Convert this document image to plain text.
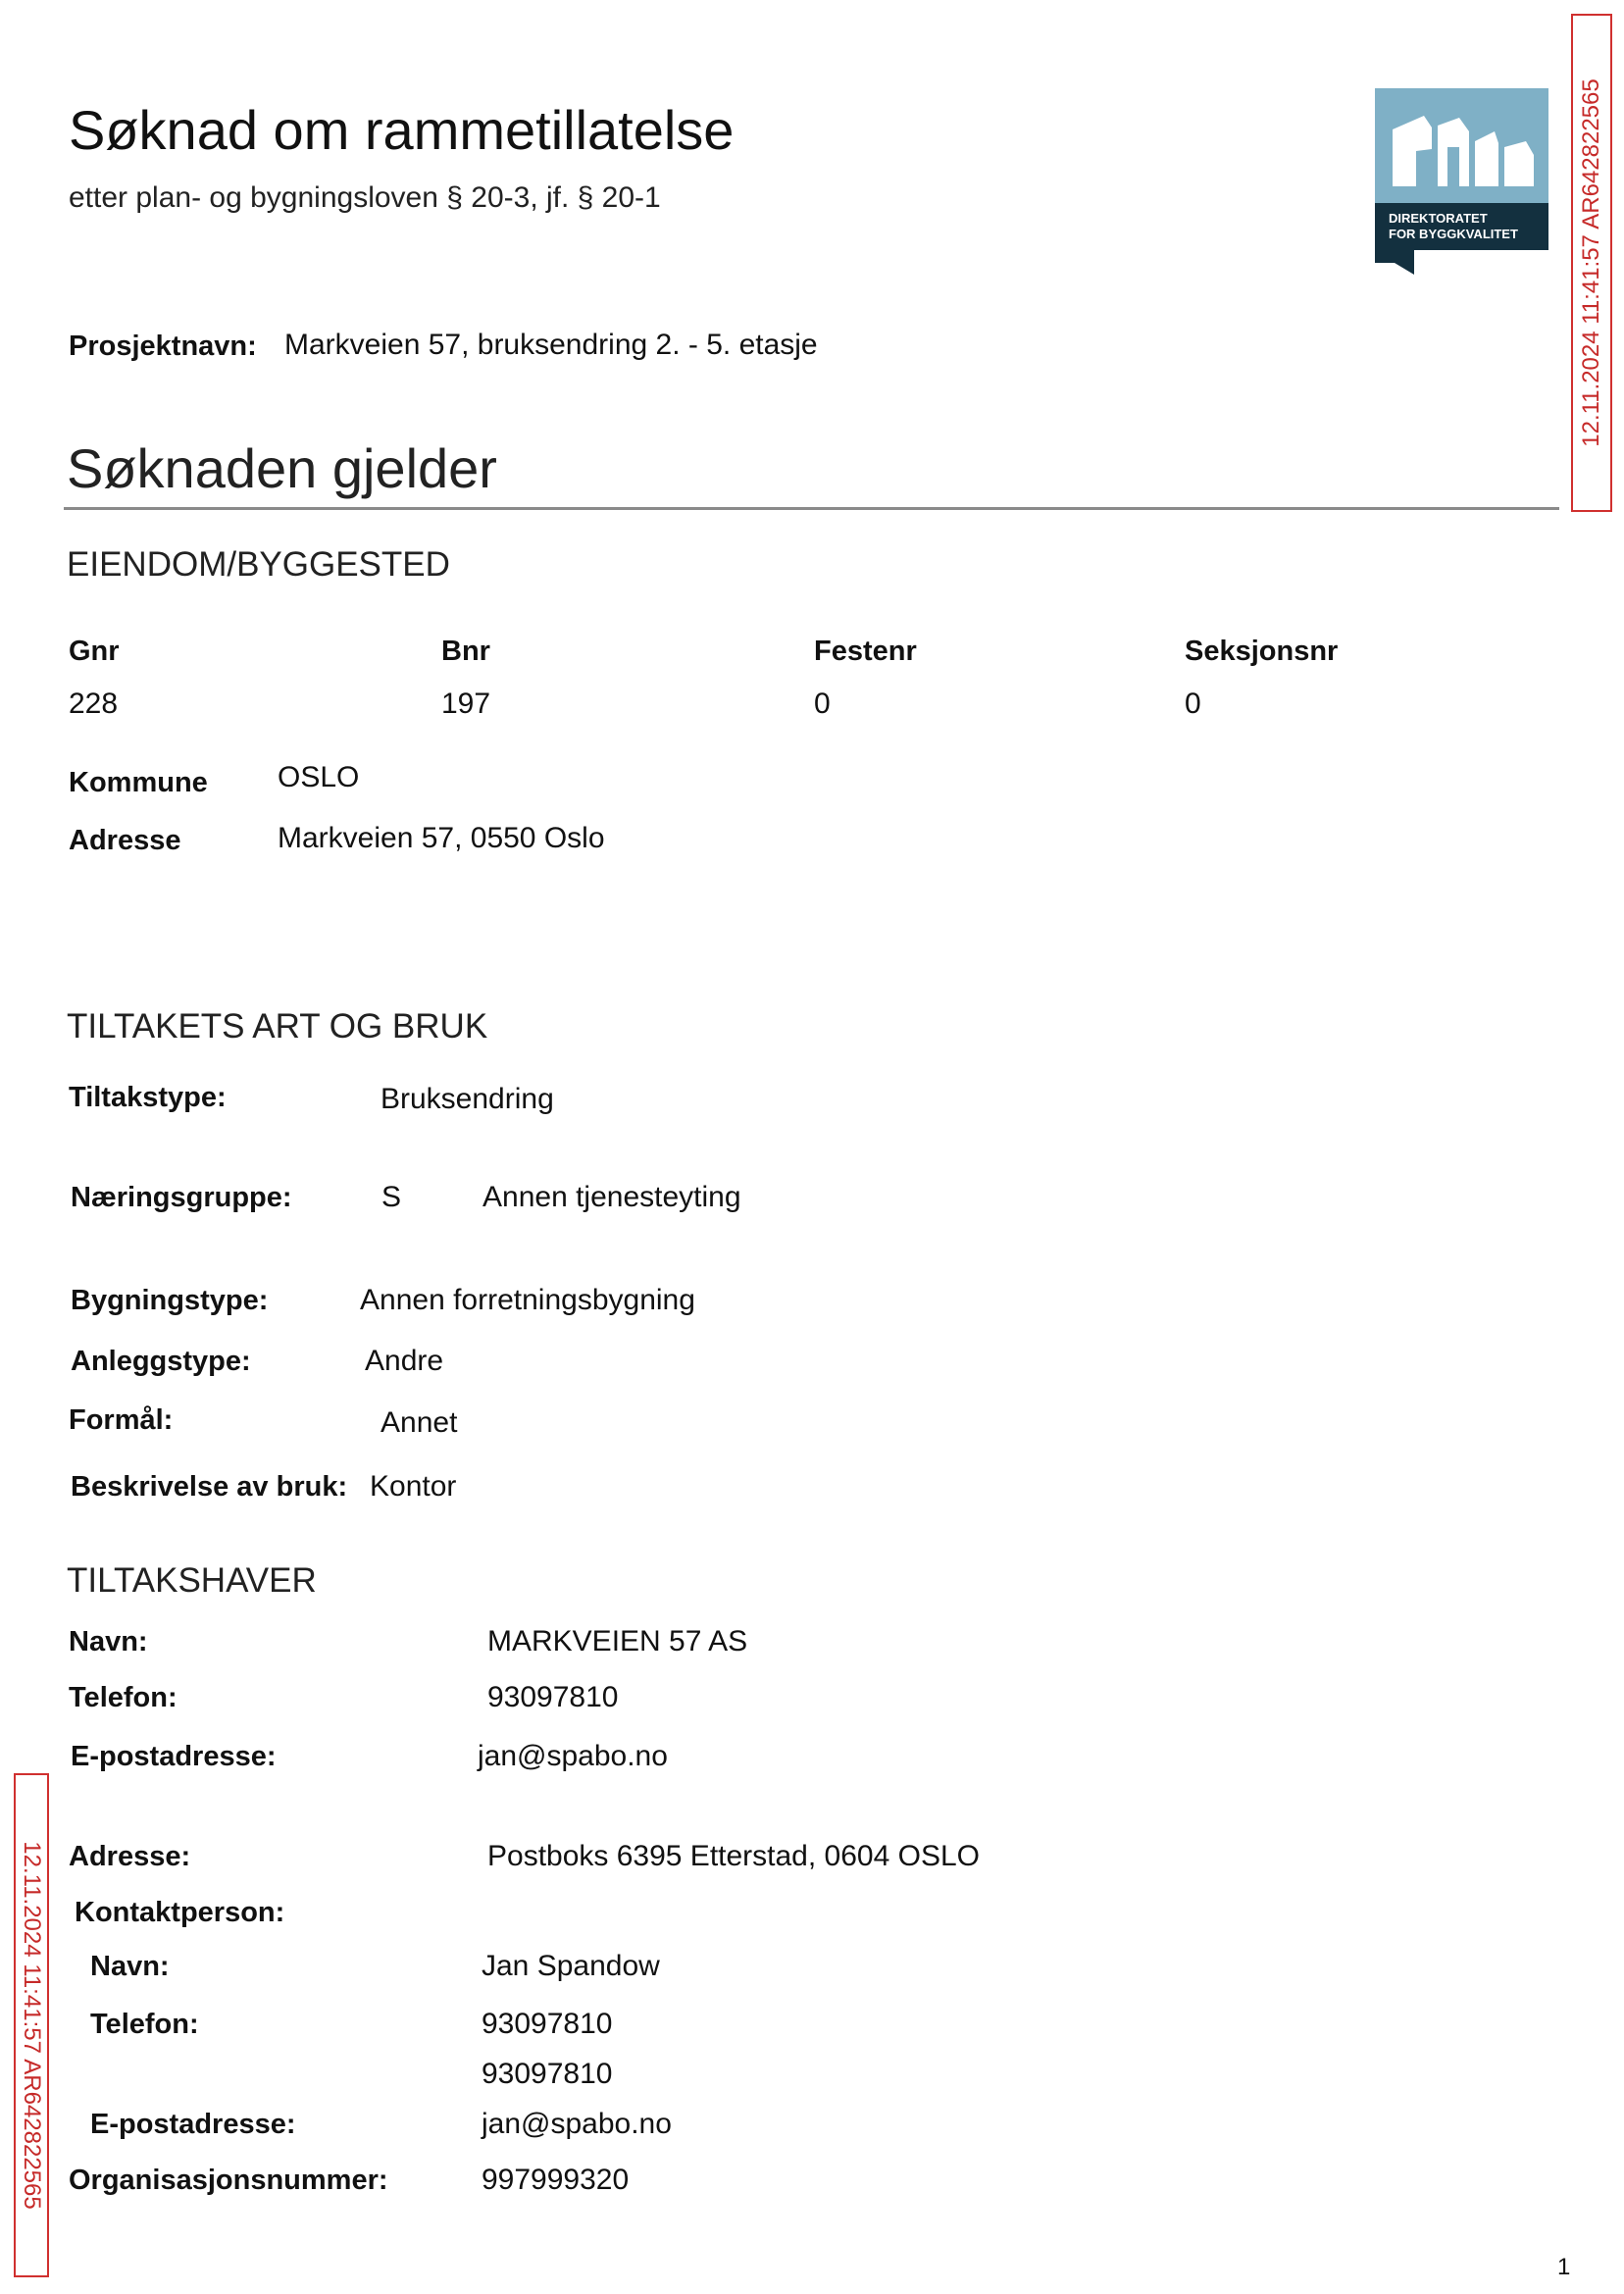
Søknad om rammetillatelse
etter plan- og bygningsloven § 20-3, jf. § 20-1
DIREKTORATET
FOR BYGGKVALITET	12.11.2024 11:41:57 AR642822565
12.11.2024 11:41:57 AR642822565
Prosjektnavn: Markveien 57, bruksendring 2. - 5. etasje
Søknaden gjelder
EIENDOM/BYGGESTED
Gnr	Bnr	Festenr	Seksjonsnr
228	197	0	0
Kommune OSLO
Adresse	Markveien 57, 0550 Oslo
TILTAKETS ART OG BRUK
Tiltakstype:	Bruksendring
Næringsgruppe:	S	Annen tjenesteyting
Bygningstype:	Annen forretningsbygning
Anleggstype:	Andre
Formål:	Annet
Beskrivelse av bruk: Kontor
TILTAKSHAVER
Navn:	MARKVEIEN 57 AS
Telefon:	93097810
E-postadresse:	jan@spabo.no
Adresse:	Postboks 6395 Etterstad, 0604 OSLO
Kontaktperson:
Navn:	Jan Spandow
Telefon:	93097810
93097810
E-postadresse:	jan@spabo.no
Organisasjonsnummer:	997999320
1
